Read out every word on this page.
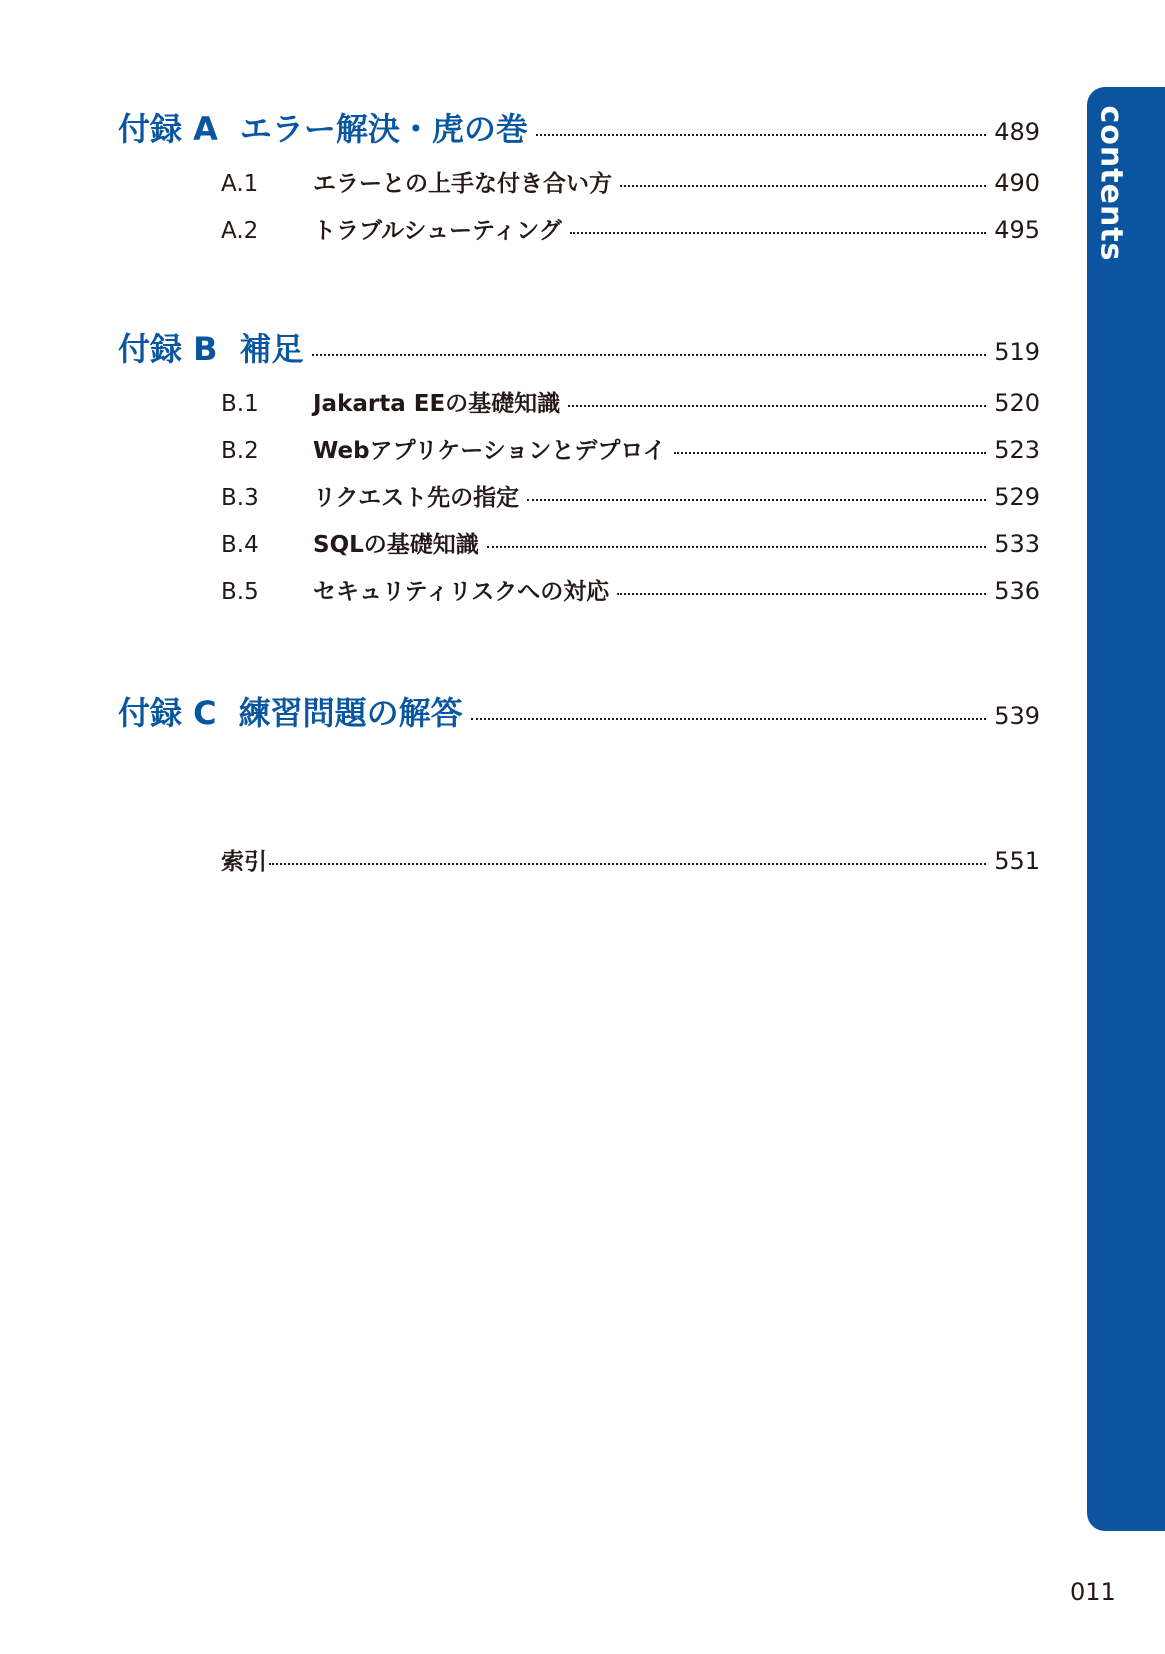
付録 A エラー解決・虎の巻	489
A.1	エラーとの上手な付き合い方	490
A.2	トラブルシューティング	495
付録 B 補足	519
B.1	Jakarta EEの基礎知識	520
B.2	Webアプリケーションとデプロイ	523
B.3	リクエスト先の指定	529
B.4	SQLの基礎知識	533
B.5	セキュリティリスクへの対応	536
付録 C 練習問題の解答	539
索引	551
contents
011
